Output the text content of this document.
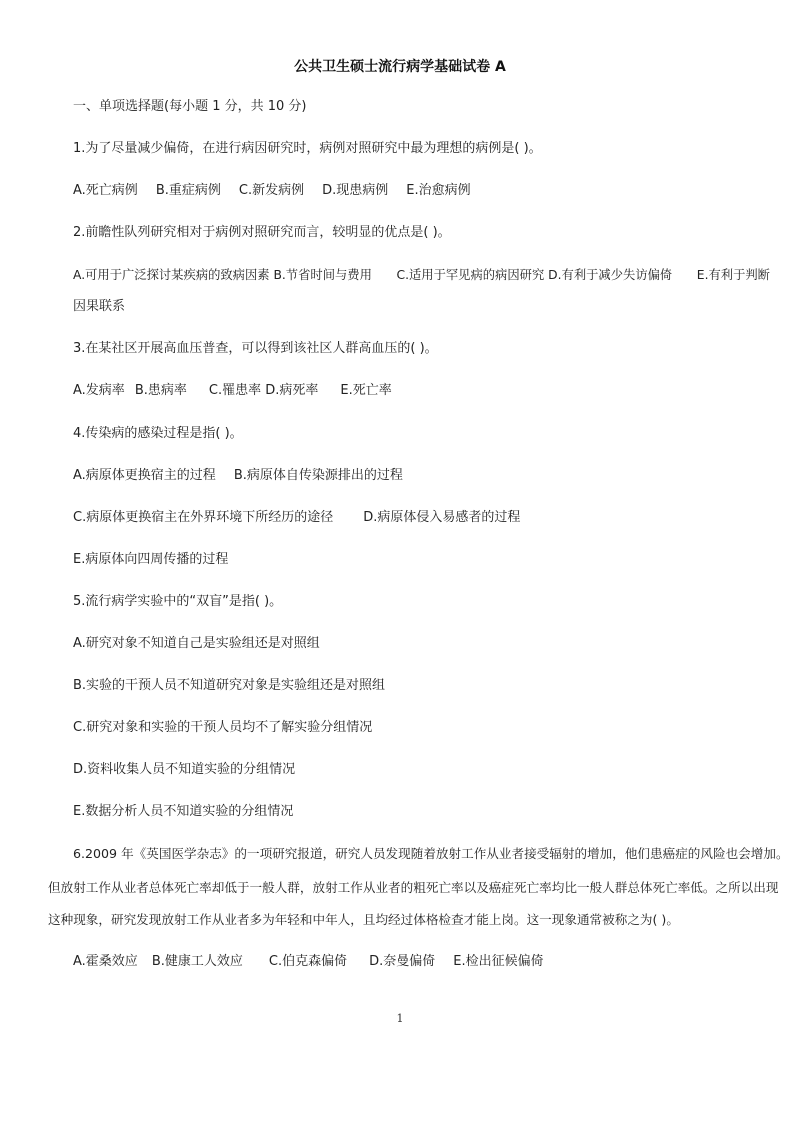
公共卫生硕士流行病学基础试卷 A
一、单项选择题(每小题 1 分，共 10 分)
1.为了尽量减少偏倚，在进行病因研究时，病例对照研究中最为理想的病例是( )。
A.死亡病例 B.重症病例 C.新发病例 D.现患病例 E.治愈病例
2.前瞻性队列研究相对于病例对照研究而言，较明显的优点是( )。
A.可用于广泛探讨某疾病的致病因素 B.节省时间与费用　　C.适用于罕见病的病因研究 D.有利于减少失访偏倚　　E.有利于判断
因果联系
3.在某社区开展高血压普查，可以得到该社区人群高血压的( )。
A.发病率 B.患病率 C.罹患率 D.病死率 E.死亡率
4.传染病的感染过程是指( )。
A.病原体更换宿主的过程 B.病原体自传染源排出的过程
C.病原体更换宿主在外界环境下所经历的途径 D.病原体侵入易感者的过程
E.病原体向四周传播的过程
5.流行病学实验中的“双盲”是指( )。
A.研究对象不知道自己是实验组还是对照组
B.实验的干预人员不知道研究对象是实验组还是对照组
C.研究对象和实验的干预人员均不了解实验分组情况
D.资料收集人员不知道实验的分组情况
E.数据分析人员不知道实验的分组情况
6.2009 年《英国医学杂志》的一项研究报道，研究人员发现随着放射工作从业者接受辐射的增加，他们患癌症的风险也会增加。
但放射工作从业者总体死亡率却低于一般人群，放射工作从业者的粗死亡率以及癌症死亡率均比一般人群总体死亡率低。之所以出现
这种现象，研究发现放射工作从业者多为年轻和中年人，且均经过体格检查才能上岗。这一现象通常被称之为( )。
A.霍桑效应 B.健康工人效应 C.伯克森偏倚 D.奈曼偏倚 E.检出征候偏倚
1
